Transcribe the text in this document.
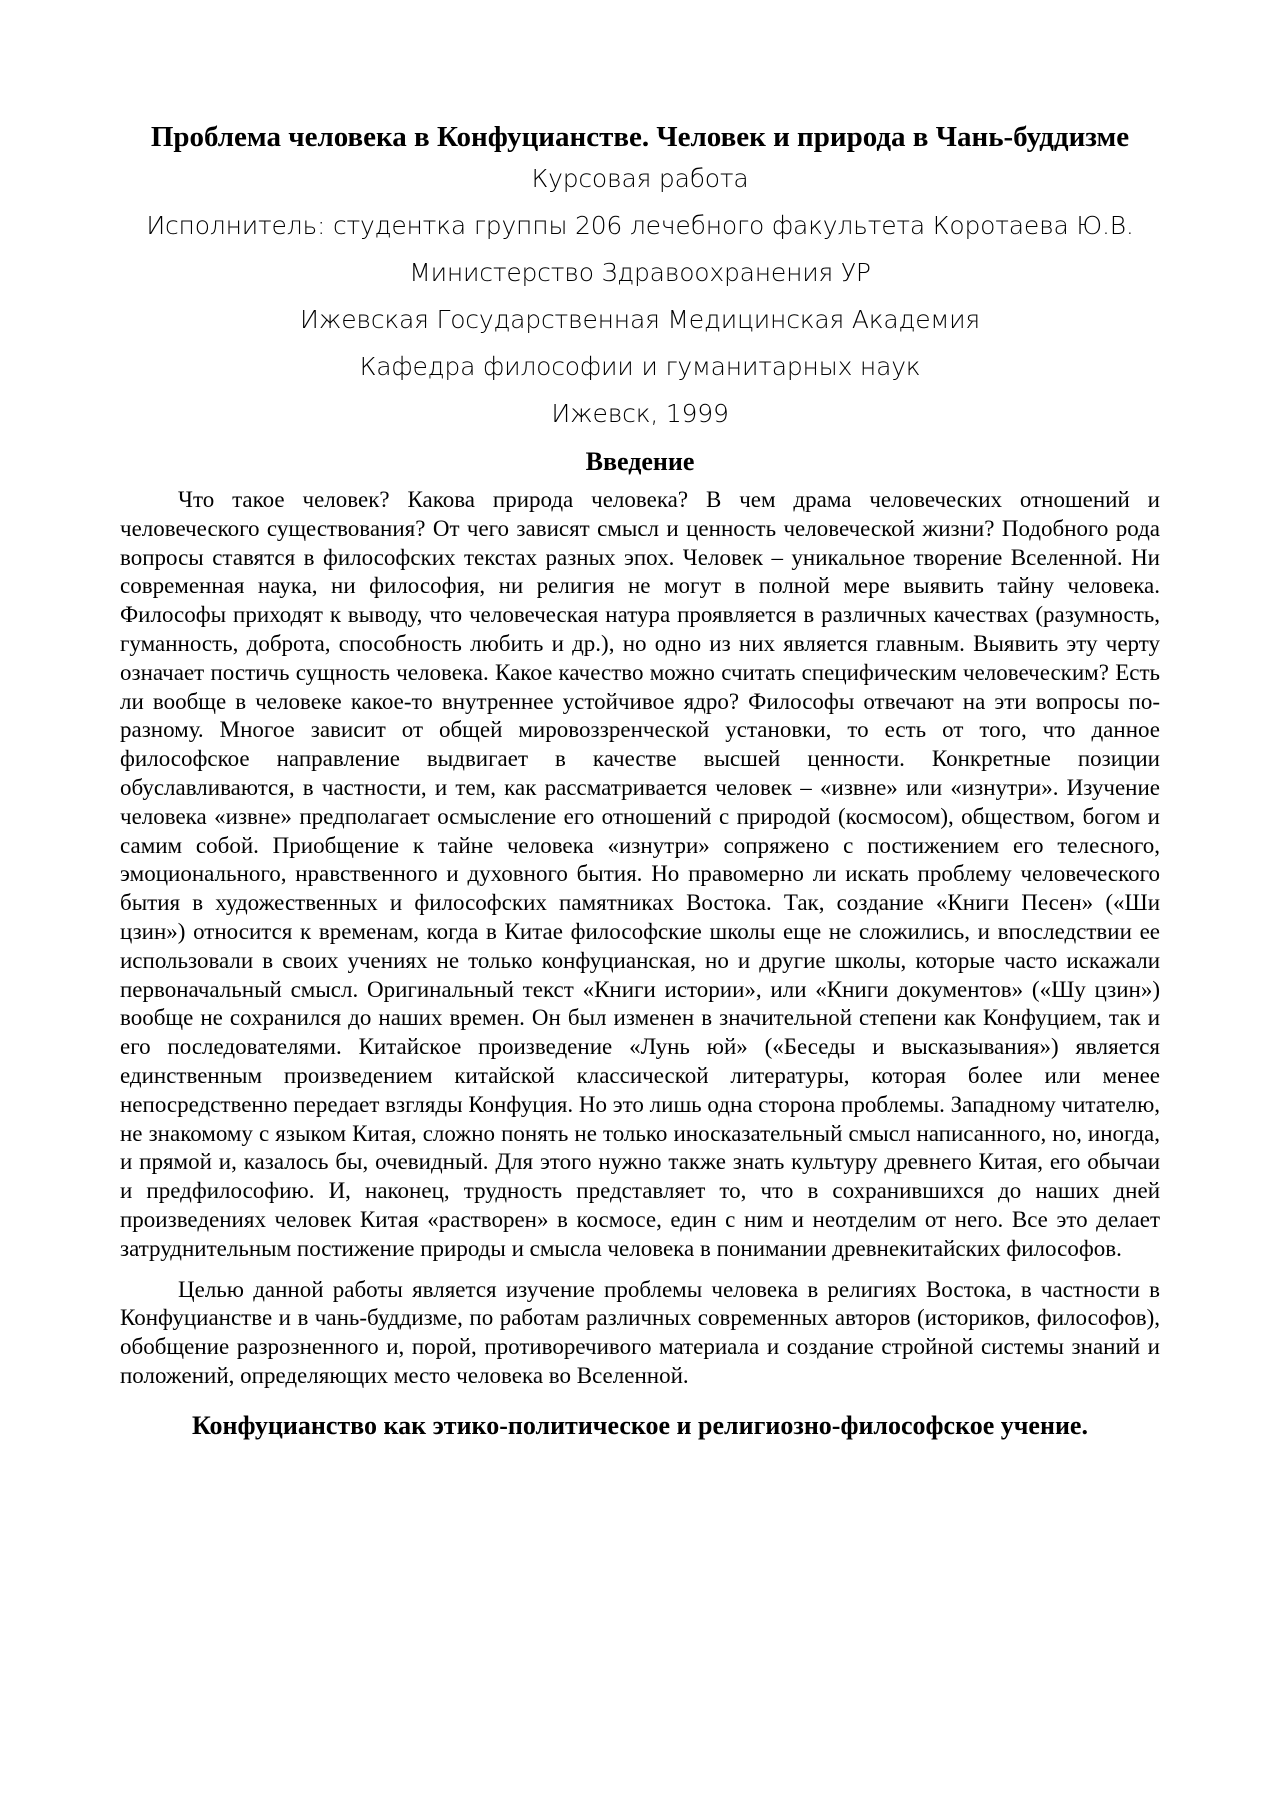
Проблема человека в Конфуцианстве. Человек и природа в Чань-буддизме

Курсовая работа

Исполнитель: студентка группы 206 лечебного факультета Коротаева Ю.В.

Министерство Здравоохранения УР

Ижевская Государственная Медицинская Академия

Кафедра философии и гуманитарных наук

Ижевск, 1999

Введение

Что такое человек? Какова природа человека? В чем драма человеческих отношений и человеческого существования? От чего зависят смысл и ценность человеческой жизни? Подобного рода вопросы ставятся в философских текстах разных эпох. Человек – уникальное творение Вселенной. Ни современная наука, ни философия, ни религия не могут в полной мере выявить тайну человека. Философы приходят к выводу, что человеческая натура проявляется в различных качествах (разумность, гуманность, доброта, способность любить и др.), но одно из них является главным. Выявить эту черту означает постичь сущность человека. Какое качество можно считать специфическим человеческим? Есть ли вообще в человеке какое-то внутреннее устойчивое ядро? Философы отвечают на эти вопросы по-разному. Многое зависит от общей мировоззренческой установки, то есть от того, что данное философское направление выдвигает в качестве высшей ценности. Конкретные позиции обуславливаются, в частности, и тем, как рассматривается человек – «извне» или «изнутри». Изучение человека «извне» предполагает осмысление его отношений с природой (космосом), обществом, богом и самим собой. Приобщение к тайне человека «изнутри» сопряжено с постижением его телесного, эмоционального, нравственного и духовного бытия. Но правомерно ли искать проблему человеческого бытия в художественных и философских памятниках Востока. Так, создание «Книги Песен» («Ши цзин») относится к временам, когда в Китае философские школы еще не сложились, и впоследствии ее использовали в своих учениях не только конфуцианская, но и другие школы, которые часто искажали первоначальный смысл. Оригинальный текст «Книги истории», или «Книги документов» («Шу цзин») вообще не сохранился до наших времен. Он был изменен в значительной степени как Конфуцием, так и его последователями. Китайское произведение «Лунь юй» («Беседы и высказывания») является единственным произведением китайской классической литературы, которая более или менее непосредственно передает взгляды Конфуция. Но это лишь одна сторона проблемы. Западному читателю, не знакомому с языком Китая, сложно понять не только иносказательный смысл написанного, но, иногда, и прямой и, казалось бы, очевидный. Для этого нужно также знать культуру древнего Китая, его обычаи и предфилософию. И, наконец, трудность представляет то, что в сохранившихся до наших дней произведениях человек Китая «растворен» в космосе, един с ним и неотделим от него. Все это делает затруднительным постижение природы и смысла человека в понимании древнекитайских философов.

Целью данной работы является изучение проблемы человека в религиях Востока, в частности в Конфуцианстве и в чань-буддизме, по работам различных современных авторов (историков, философов), обобщение разрозненного и, порой, противоречивого материала и создание стройной системы знаний и положений, определяющих место человека во Вселенной.

Конфуцианство как этико-политическое и религиозно-философское учение.
